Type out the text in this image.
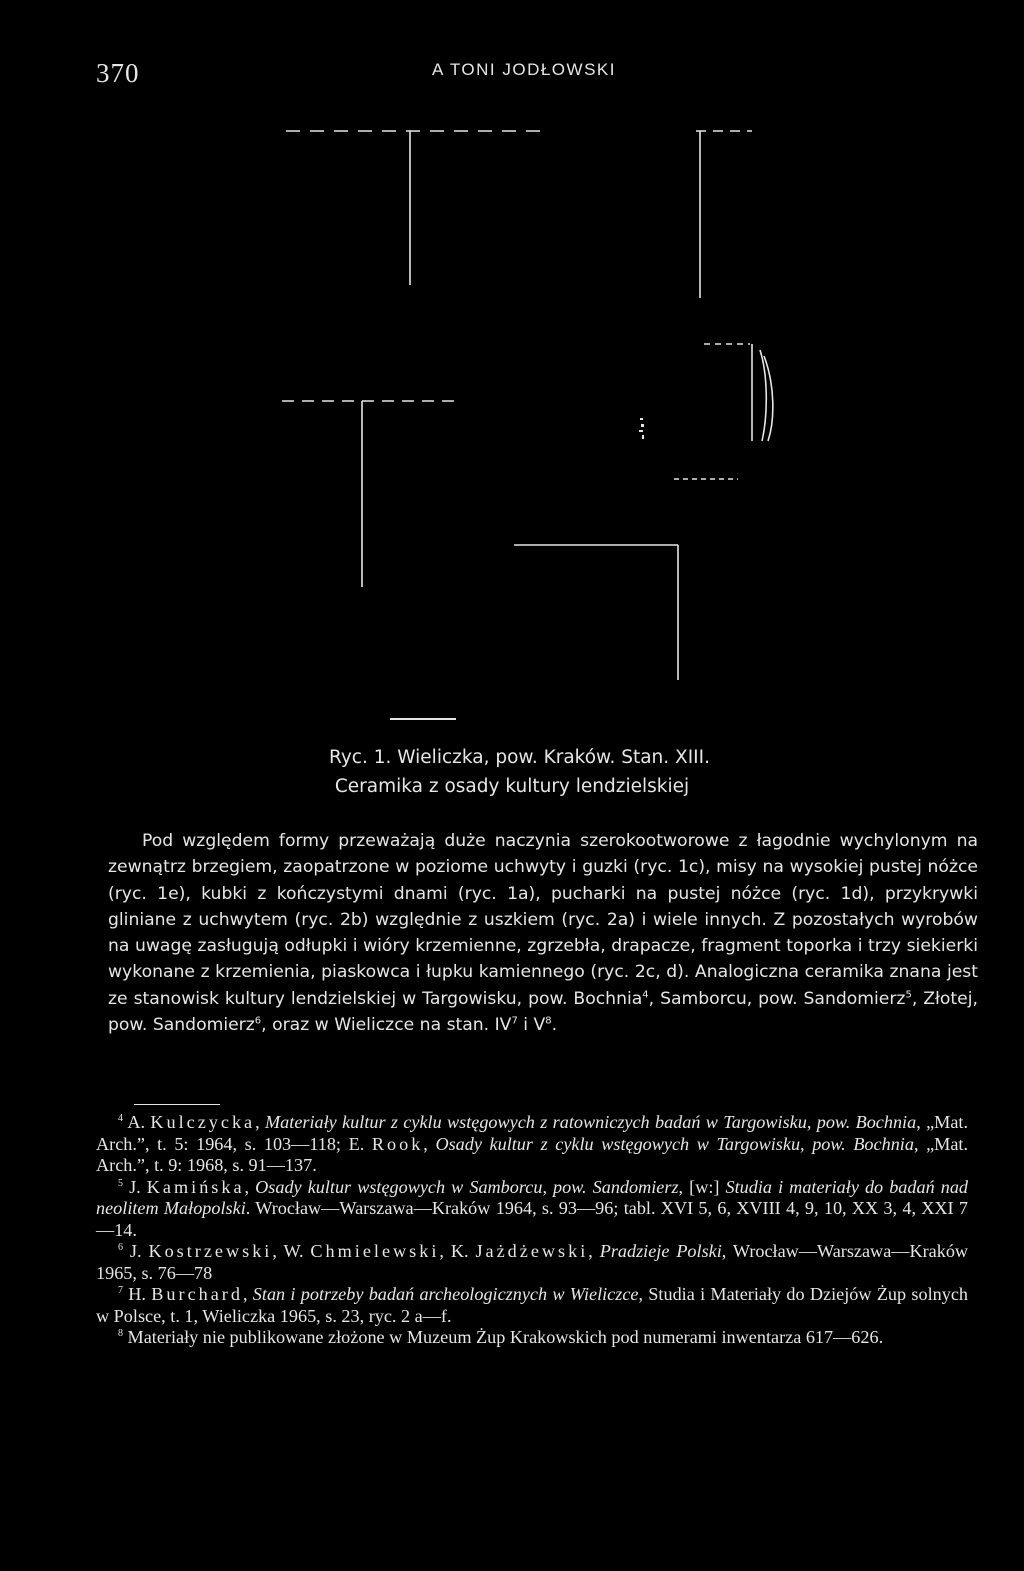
370	A TONI JODŁOWSKI
Ryc. 1. Wieliczka, pow. Kraków. Stan. XIII.
Ceramika z osady kultury lendzielskiej

Pod względem formy przeważają duże naczynia szerokootworowe z łagodnie wychylonym na zewnątrz brzegiem, zaopatrzone w poziome uchwyty i guzki (ryc. 1c), misy na wysokiej pustej nóżce (ryc. 1e), kubki z kończystymi dnami (ryc. 1a), pucharki na pustej nóżce (ryc. 1d), przykrywki gliniane z uchwytem (ryc. 2b) względnie z uszkiem (ryc. 2a) i wiele innych. Z pozostałych wyrobów na uwagę zasługują odłupki i wióry krzemienne, zgrzebła, drapacze, fragment toporka i trzy siekierki wykonane z krzemienia, piaskowca i łupku kamiennego (ryc. 2c, d). Analogiczna ceramika znana jest ze stanowisk kultury lendzielskiej w Targowisku, pow. Bochnia$^4$, Samborcu, pow. Sandomierz$^5$, Złotej, pow. Sandomierz$^6$, oraz w Wieliczce na stan. $IV^7$ i $V^8$.

$^4$ A. Kulczycka, Materiały kultur z cyklu wstęgowych z ratowniczych badań w Targowisku, pow. Bochnia, „Mat. Arch.”, t. 5: 1964, s. 103—118; E. Rook, Osady kultur z cyklu wstęgowych w Targowisku, pow. Bochnia, „Mat. Arch.”, t. 9: 1968, s. 91—137.

$^5$ J. Kamińska, Osady kultur wstęgowych w Samborcu, pow. Sandomierz, [w:] Studia i materiały do badań nad neolitem Małopolski. Wrocław—Warszawa—Kraków 1964, s. 93—96; tabl. XVI 5, 6, XVIII 4, 9, 10, XX 3, 4, XXI 7—14.

$^6$ J. Kostrzewski, W. Chmielewski, K. Jażdżewski, Pradzieje Polski, Wrocław—Warszawa—Kraków 1965, s. 76—78

$^7$ H. Burchard, Stan i potrzeby badań archeologicznych w Wieliczce, Studia i Materiały do Dziejów Żup solnych w Polsce, t. 1, Wieliczka 1965, s. 23, ryc. 2 a—f.

$^8$ Materiały nie publikowane złożone w Muzeum Żup Krakowskich pod numerami inwentarza 617—626.
